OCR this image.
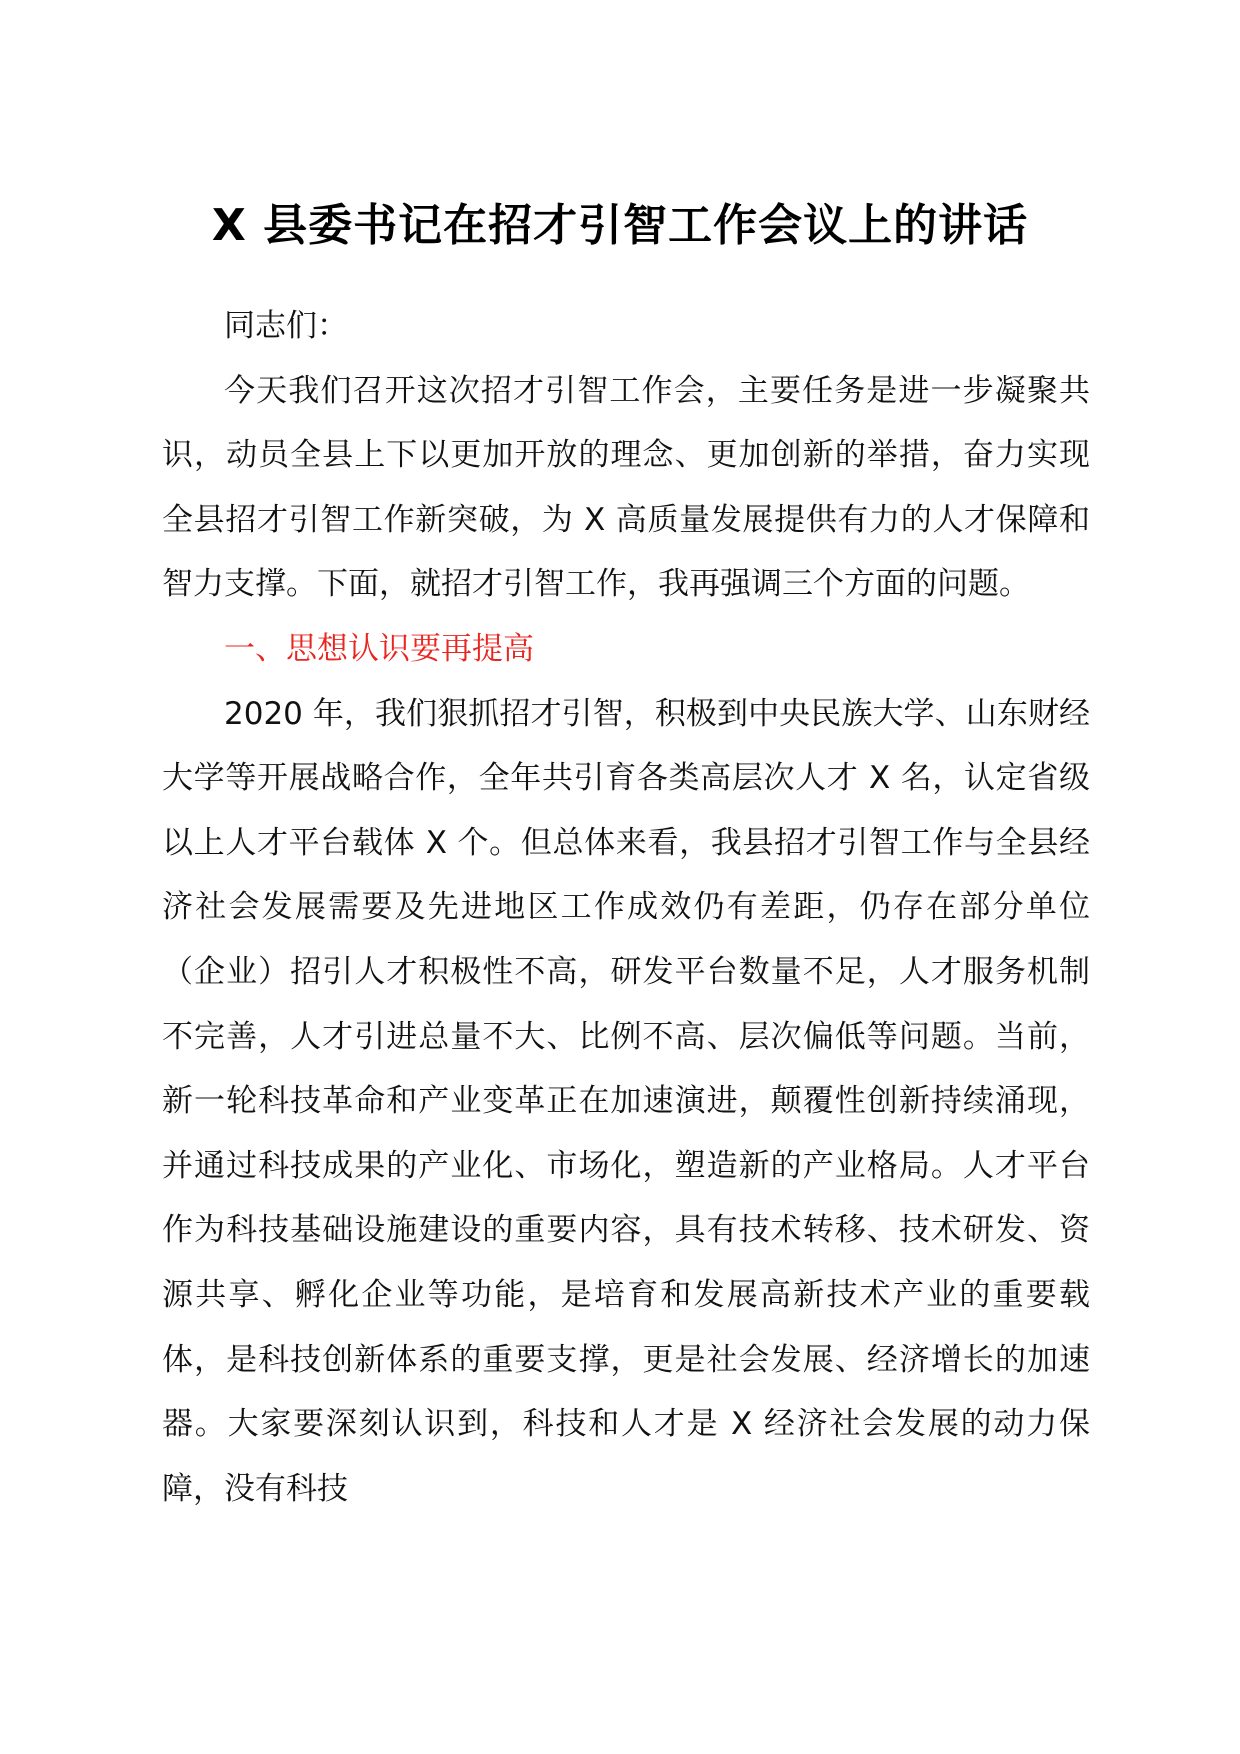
X 县委书记在招才引智工作会议上的讲话

同志们：

今天我们召开这次招才引智工作会，主要任务是进一步凝聚共识，动员全县上下以更加开放的理念、更加创新的举措，奋力实现全县招才引智工作新突破，为 X 高质量发展提供有力的人才保障和智力支撑。下面，就招才引智工作，我再强调三个方面的问题。

一、思想认识要再提高

2020 年，我们狠抓招才引智，积极到中央民族大学、山东财经大学等开展战略合作，全年共引育各类高层次人才 X 名，认定省级以上人才平台载体 X 个。但总体来看，我县招才引智工作与全县经济社会发展需要及先进地区工作成效仍有差距，仍存在部分单位（企业）招引人才积极性不高，研发平台数量不足，人才服务机制不完善，人才引进总量不大、比例不高、层次偏低等问题。当前，新一轮科技革命和产业变革正在加速演进，颠覆性创新持续涌现，并通过科技成果的产业化、市场化，塑造新的产业格局。人才平台作为科技基础设施建设的重要内容，具有技术转移、技术研发、资源共享、孵化企业等功能，是培育和发展高新技术产业的重要载体，是科技创新体系的重要支撑，更是社会发展、经济增长的加速器。大家要深刻认识到，科技和人才是 X 经济社会发展的动力保障，没有科技
